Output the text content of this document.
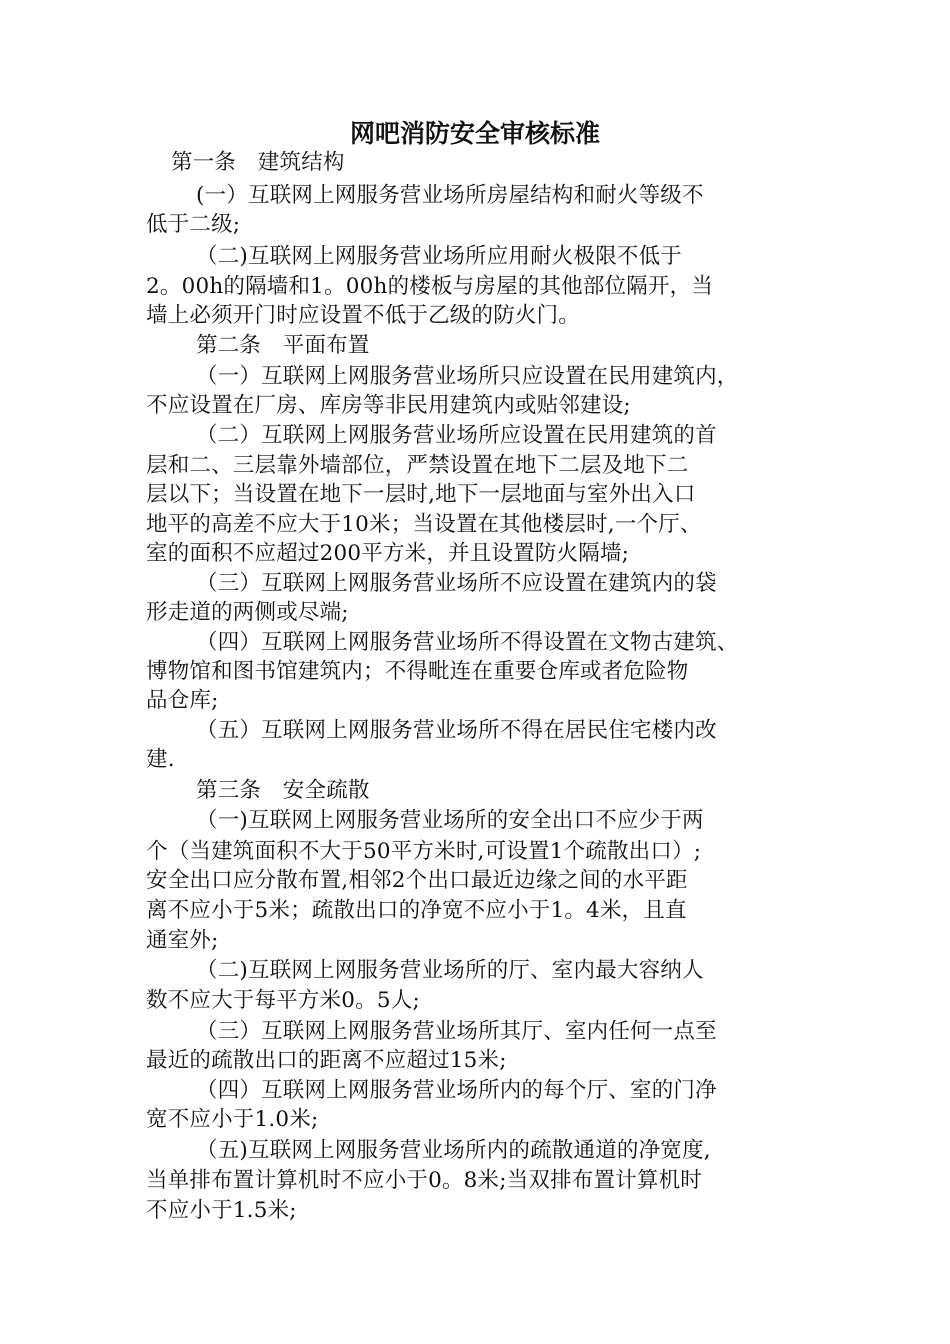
网吧消防安全审核标准
第一条　建筑结构
(一）互联网上网服务营业场所房屋结构和耐火等级不
低于二级;
（二)互联网上网服务营业场所应用耐火极限不低于
2。00h的隔墙和1。00h的楼板与房屋的其他部位隔开，当
墙上必须开门时应设置不低于乙级的防火门。
第二条　平面布置
（一）互联网上网服务营业场所只应设置在民用建筑内，
不应设置在厂房、库房等非民用建筑内或贴邻建设;
（二）互联网上网服务营业场所应设置在民用建筑的首
层和二、三层靠外墙部位，严禁设置在地下二层及地下二
层以下；当设置在地下一层时,地下一层地面与室外出入口
地平的高差不应大于10米；当设置在其他楼层时,一个厅、
室的面积不应超过200平方米，并且设置防火隔墙;
（三）互联网上网服务营业场所不应设置在建筑内的袋
形走道的两侧或尽端;
（四）互联网上网服务营业场所不得设置在文物古建筑、
博物馆和图书馆建筑内；不得毗连在重要仓库或者危险物
品仓库;
（五）互联网上网服务营业场所不得在居民住宅楼内改
建.
第三条　安全疏散
（一)互联网上网服务营业场所的安全出口不应少于两
个（当建筑面积不大于50平方米时,可设置1个疏散出口）;
安全出口应分散布置,相邻2个出口最近边缘之间的水平距
离不应小于5米；疏散出口的净宽不应小于1。4米，且直
通室外;
（二)互联网上网服务营业场所的厅、室内最大容纳人
数不应大于每平方米0。5人;
（三）互联网上网服务营业场所其厅、室内任何一点至
最近的疏散出口的距离不应超过15米;
（四）互联网上网服务营业场所内的每个厅、室的门净
宽不应小于1.0米;
（五)互联网上网服务营业场所内的疏散通道的净宽度,
当单排布置计算机时不应小于0。8米;当双排布置计算机时
不应小于1.5米;
